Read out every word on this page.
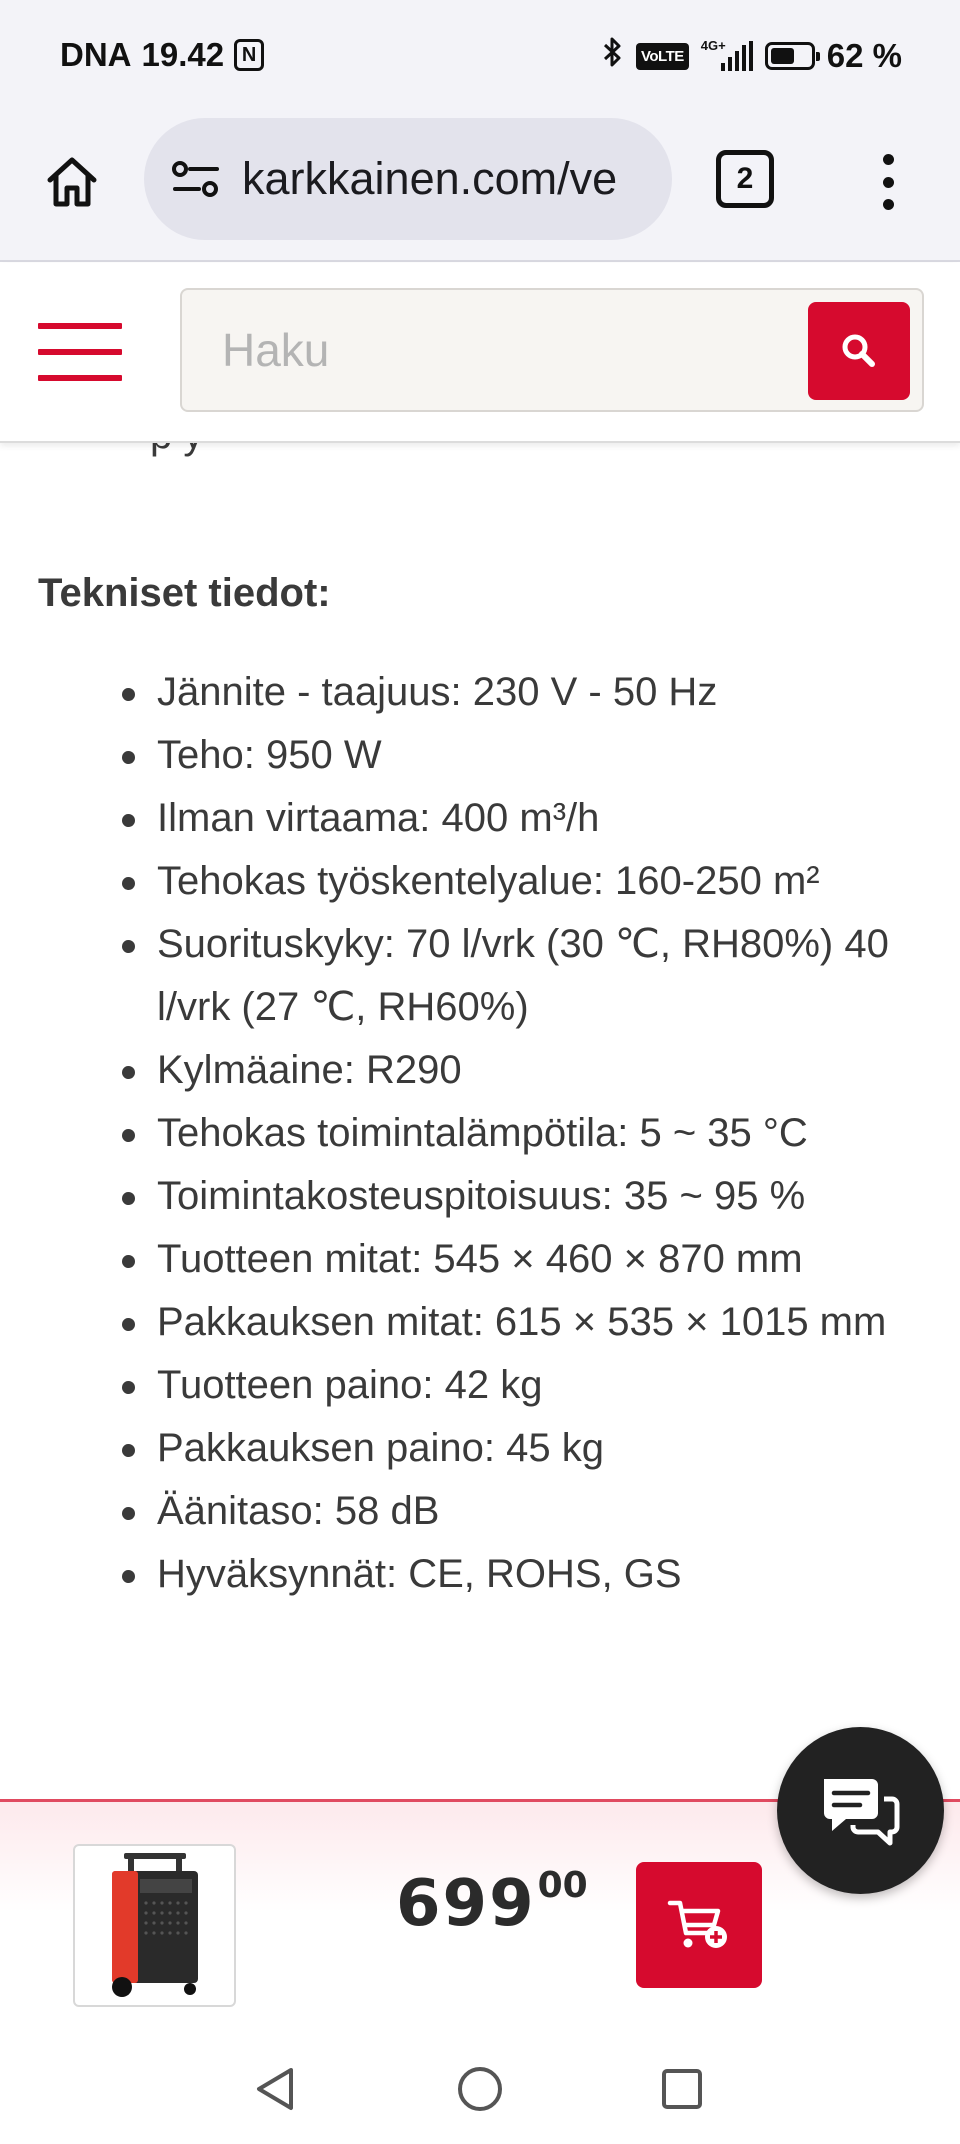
DNA 19.42 N	VoLTE
4G+	62 %
karkkainen.com/ve	2
Haku
Tekniset tiedot:
Jännite - taajuus: 230 V - 50 Hz
Teho: 950 W
Ilman virtaama: 400 m³/h
Tehokas työskentelyalue: 160-250 m²
Suorituskyky: 70 l/vrk (30 ℃, RH80%) 40 l/vrk (27 ℃, RH60%)
Kylmäaine: R290
Tehokas toimintalämpötila: 5 ~ 35 °C
Toimintakosteuspitoisuus: 35 ~ 95 %
Tuotteen mitat: 545 × 460 × 870 mm
Pakkauksen mitat: 615 × 535 × 1015 mm
Tuotteen paino: 42 kg
Pakkauksen paino: 45 kg
Äänitaso: 58 dB
Hyväksynnät: CE, ROHS, GS
699 00
